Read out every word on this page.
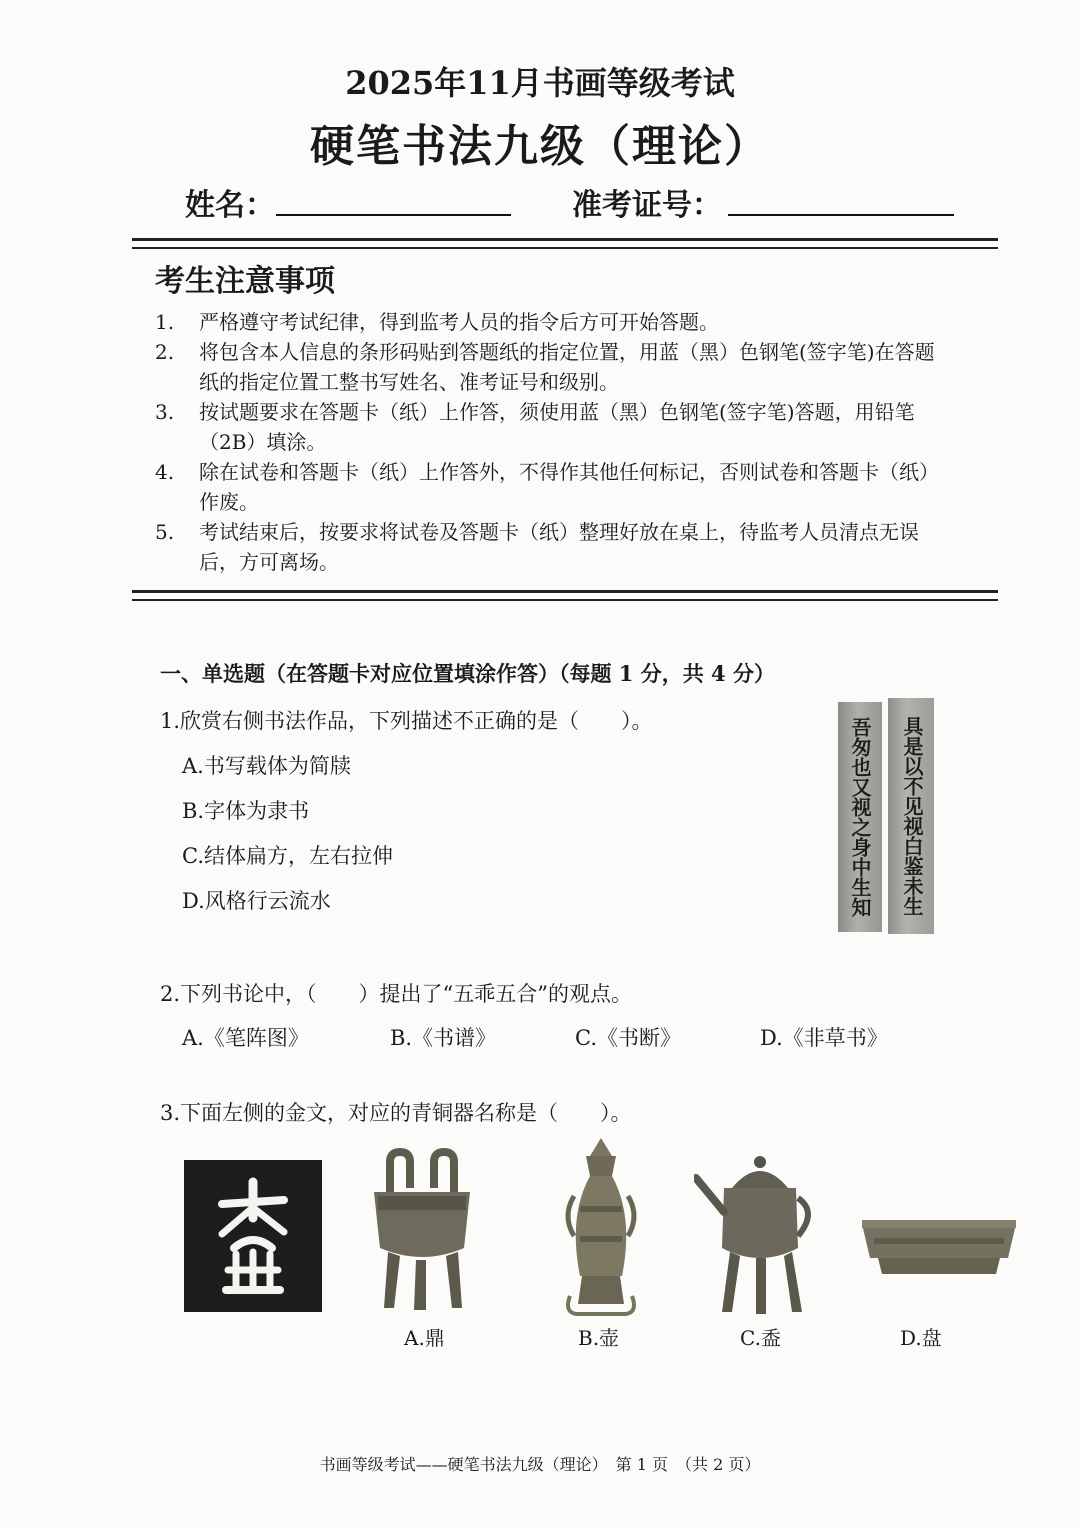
2025年11月书画等级考试
硬笔书法九级（理论）
姓名：	准考证号：
考生注意事项
1. 严格遵守考试纪律，得到监考人员的指令后方可开始答题。
2. 将包含本人信息的条形码贴到答题纸的指定位置，用蓝（黑）色钢笔(签字笔)在答题纸的指定位置工整书写姓名、准考证号和级别。
3. 按试题要求在答题卡（纸）上作答，须使用蓝（黑）色钢笔(签字笔)答题，用铅笔（2B）填涂。
4. 除在试卷和答题卡（纸）上作答外，不得作其他任何标记，否则试卷和答题卡（纸）作废。
5. 考试结束后，按要求将试卷及答题卡（纸）整理好放在桌上，待监考人员清点无误后，方可离场。
一、单选题（在答题卡对应位置填涂作答）（每题 1 分，共 4 分）
1.欣赏右侧书法作品，下列描述不正确的是（　　）。
A.书写载体为简牍
B.字体为隶书
C.结体扁方，左右拉伸
D.风格行云流水	具是以不见视白鉴未生
吾匆也又视之身中生知
2.下列书论中，（　　）提出了“五乖五合”的观点。
A.《笔阵图》	B.《书谱》	C.《书断》	D.《非草书》
3.下面左侧的金文，对应的青铜器名称是（　　）。
A.鼎	B.壶	C.盉	D.盘
书画等级考试——硬笔书法九级（理论）　第 1 页　（共 2 页）
